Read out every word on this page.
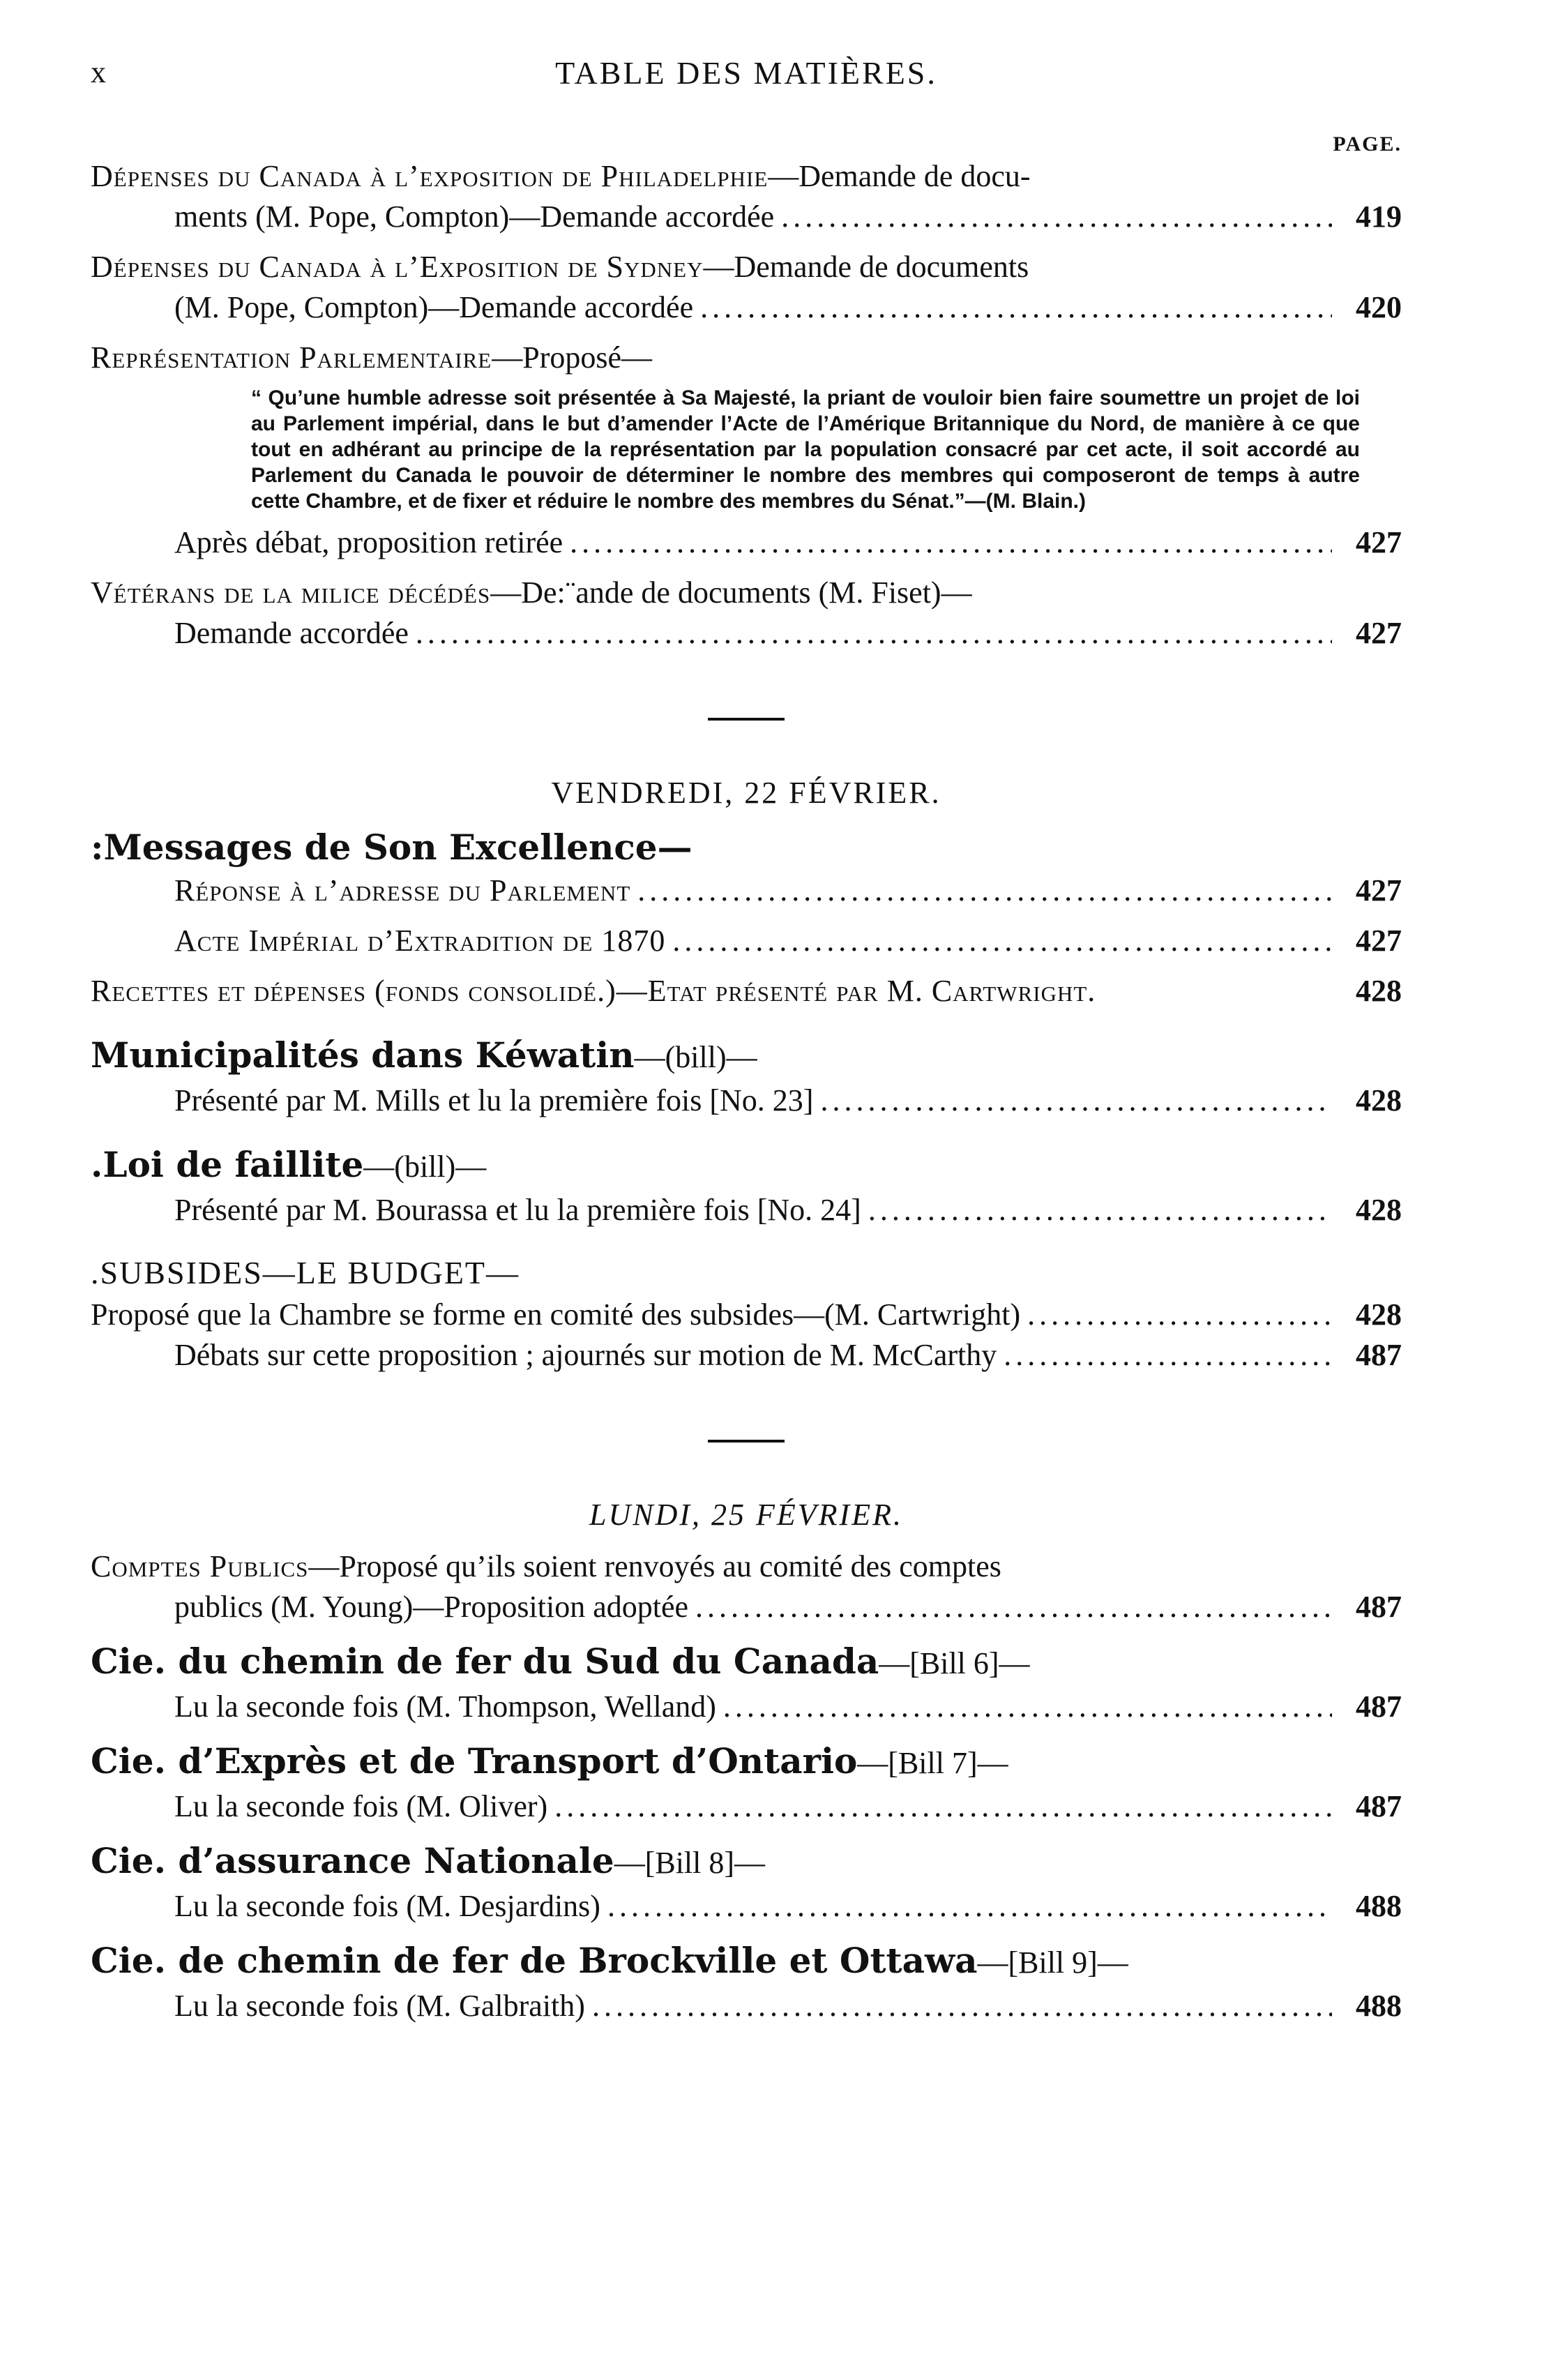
x	TABLE DES MATIÈRES.
PAGE.
Dépenses du Canada à l’exposition de Philadelphie—Demande de docu-
ments (M. Pope, Compton)—Demande accordée .....	419
Dépenses du Canada à l’Exposition de Sydney—Demande de documents
(M. Pope, Compton)—Demande accordée .....	420
Représentation Parlementaire—Proposé—
“ Qu’une humble adresse soit présentée à Sa Majesté, la priant de vouloir bien faire soumettre un projet de loi au Parlement impérial, dans le but d’amender l’Acte de l’Amérique Britannique du Nord, de manière à ce que tout en adhérant au principe de la représentation par la population consacré par cet acte, il soit accordé au Parlement du Canada le pouvoir de déterminer le nombre des membres qui composeront de temps à autre cette Chambre, et de fixer et réduire le nombre des membres du Sénat.”—(M. Blain.)
Après débat, proposition retirée .....	427
Vétérans de la milice décédés—De:¨ande de documents (M. Fiset)—
Demande accordée .....	427
VENDREDI, 22 FÉVRIER.
:Messages de Son Excellence—
Réponse à l’adresse du Parlement .....	427
Acte Impérial d’Extradition de 1870 .....	427
Recettes et dépenses (fonds consolidé.)—Etat présenté par M. Cartwright.	428
Municipalités dans Kéwatin—(bill)—
Présenté par M. Mills et lu la première fois [No. 23] .....	428
.Loi de faillite—(bill)—
Présenté par M. Bourassa et lu la première fois [No. 24] .....	428
.SUBSIDES—LE BUDGET—
Proposé que la Chambre se forme en comité des subsides—(M. Cartwright) .....	428
Débats sur cette proposition ; ajournés sur motion de M. McCarthy .....	487
LUNDI, 25 FÉVRIER.
Comptes Publics—Proposé qu’ils soient renvoyés au comité des comptes
publics (M. Young)—Proposition adoptée .....	487
Cie. du chemin de fer du Sud du Canada—[Bill 6]—
Lu la seconde fois (M. Thompson, Welland) .....	487
Cie. d’Exprès et de Transport d’Ontario—[Bill 7]—
Lu la seconde fois (M. Oliver) .....	487
Cie. d’assurance Nationale—[Bill 8]—
Lu la seconde fois (M. Desjardins) .....	488
Cie. de chemin de fer de Brockville et Ottawa—[Bill 9]—
Lu la seconde fois (M. Galbraith) .....	488
